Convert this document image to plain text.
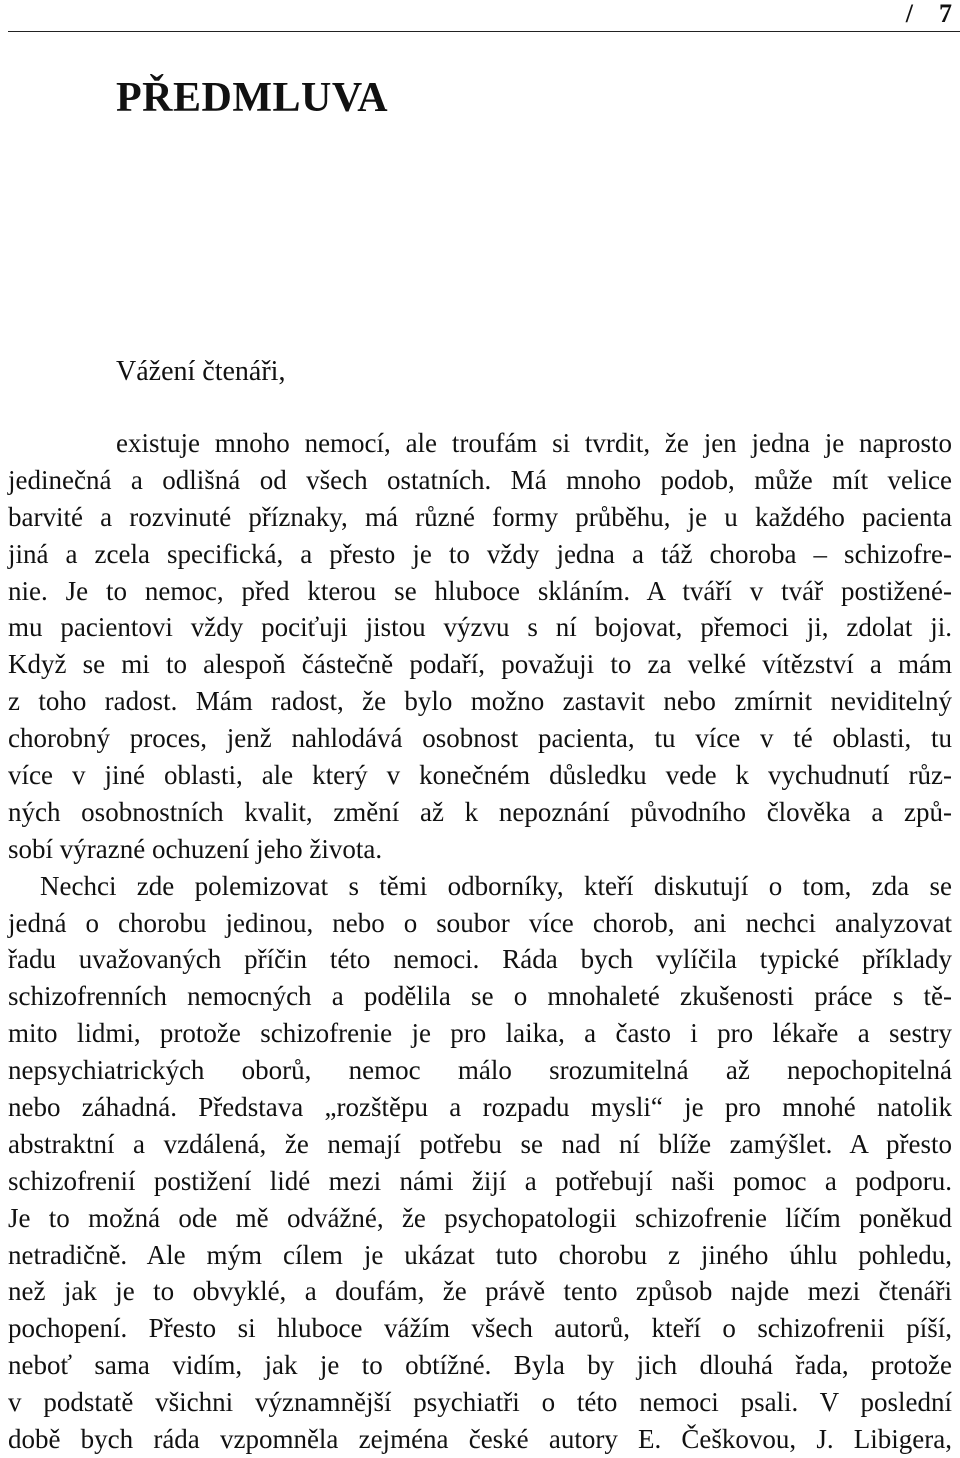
/    7
PŘEDMLUVA
Vážení čtenáři,
existuje mnoho nemocí, ale troufám si tvrdit, že jen jedna je naprosto
jedinečná a odlišná od všech ostatních. Má mnoho podob, může mít velice
barvité a rozvinuté příznaky, má různé formy průběhu, je u každého pacienta
jiná a zcela specifická, a přesto je to vždy jedna a táž choroba – schizofre-
nie. Je to nemoc, před kterou se hluboce skláním. A tváří v tvář postižené-
mu pacientovi vždy pociťuji jistou výzvu s ní bojovat, přemoci ji, zdolat ji.
Když se mi to alespoň částečně podaří, považuji to za velké vítězství a mám
z toho radost. Mám radost, že bylo možno zastavit nebo zmírnit neviditelný
chorobný proces, jenž nahlodává osobnost pacienta, tu více v té oblasti, tu
více v jiné oblasti, ale který v konečném důsledku vede k vychudnutí růz-
ných osobnostních kvalit, změní až k nepoznání původního člověka a způ-
sobí výrazné ochuzení jeho života.
Nechci zde polemizovat s těmi odborníky, kteří diskutují o tom, zda se
jedná o chorobu jedinou, nebo o soubor více chorob, ani nechci analyzovat
řadu uvažovaných příčin této nemoci. Ráda bych vylíčila typické příklady
schizofrenních nemocných a podělila se o mnohaleté zkušenosti práce s tě-
mito lidmi, protože schizofrenie je pro laika, a často i pro lékaře a sestry
nepsychiatrických oborů, nemoc málo srozumitelná až nepochopitelná
nebo záhadná. Představa „rozštěpu a rozpadu mysli“ je pro mnohé natolik
abstraktní a vzdálená, že nemají potřebu se nad ní blíže zamýšlet. A přesto
schizofrenií postižení lidé mezi námi žijí a potřebují naši pomoc a podporu.
Je to možná ode mě odvážné, že psychopatologii schizofrenie líčím poněkud
netradičně. Ale mým cílem je ukázat tuto chorobu z jiného úhlu pohledu,
než jak je to obvyklé, a doufám, že právě tento způsob najde mezi čtenáři
pochopení. Přesto si hluboce vážím všech autorů, kteří o schizofrenii píší,
neboť sama vidím, jak je to obtížné. Byla by jich dlouhá řada, protože
v podstatě všichni významnější psychiatři o této nemoci psali. V poslední
době bych ráda vzpomněla zejména české autory E. Češkovou, J. Libigera,
